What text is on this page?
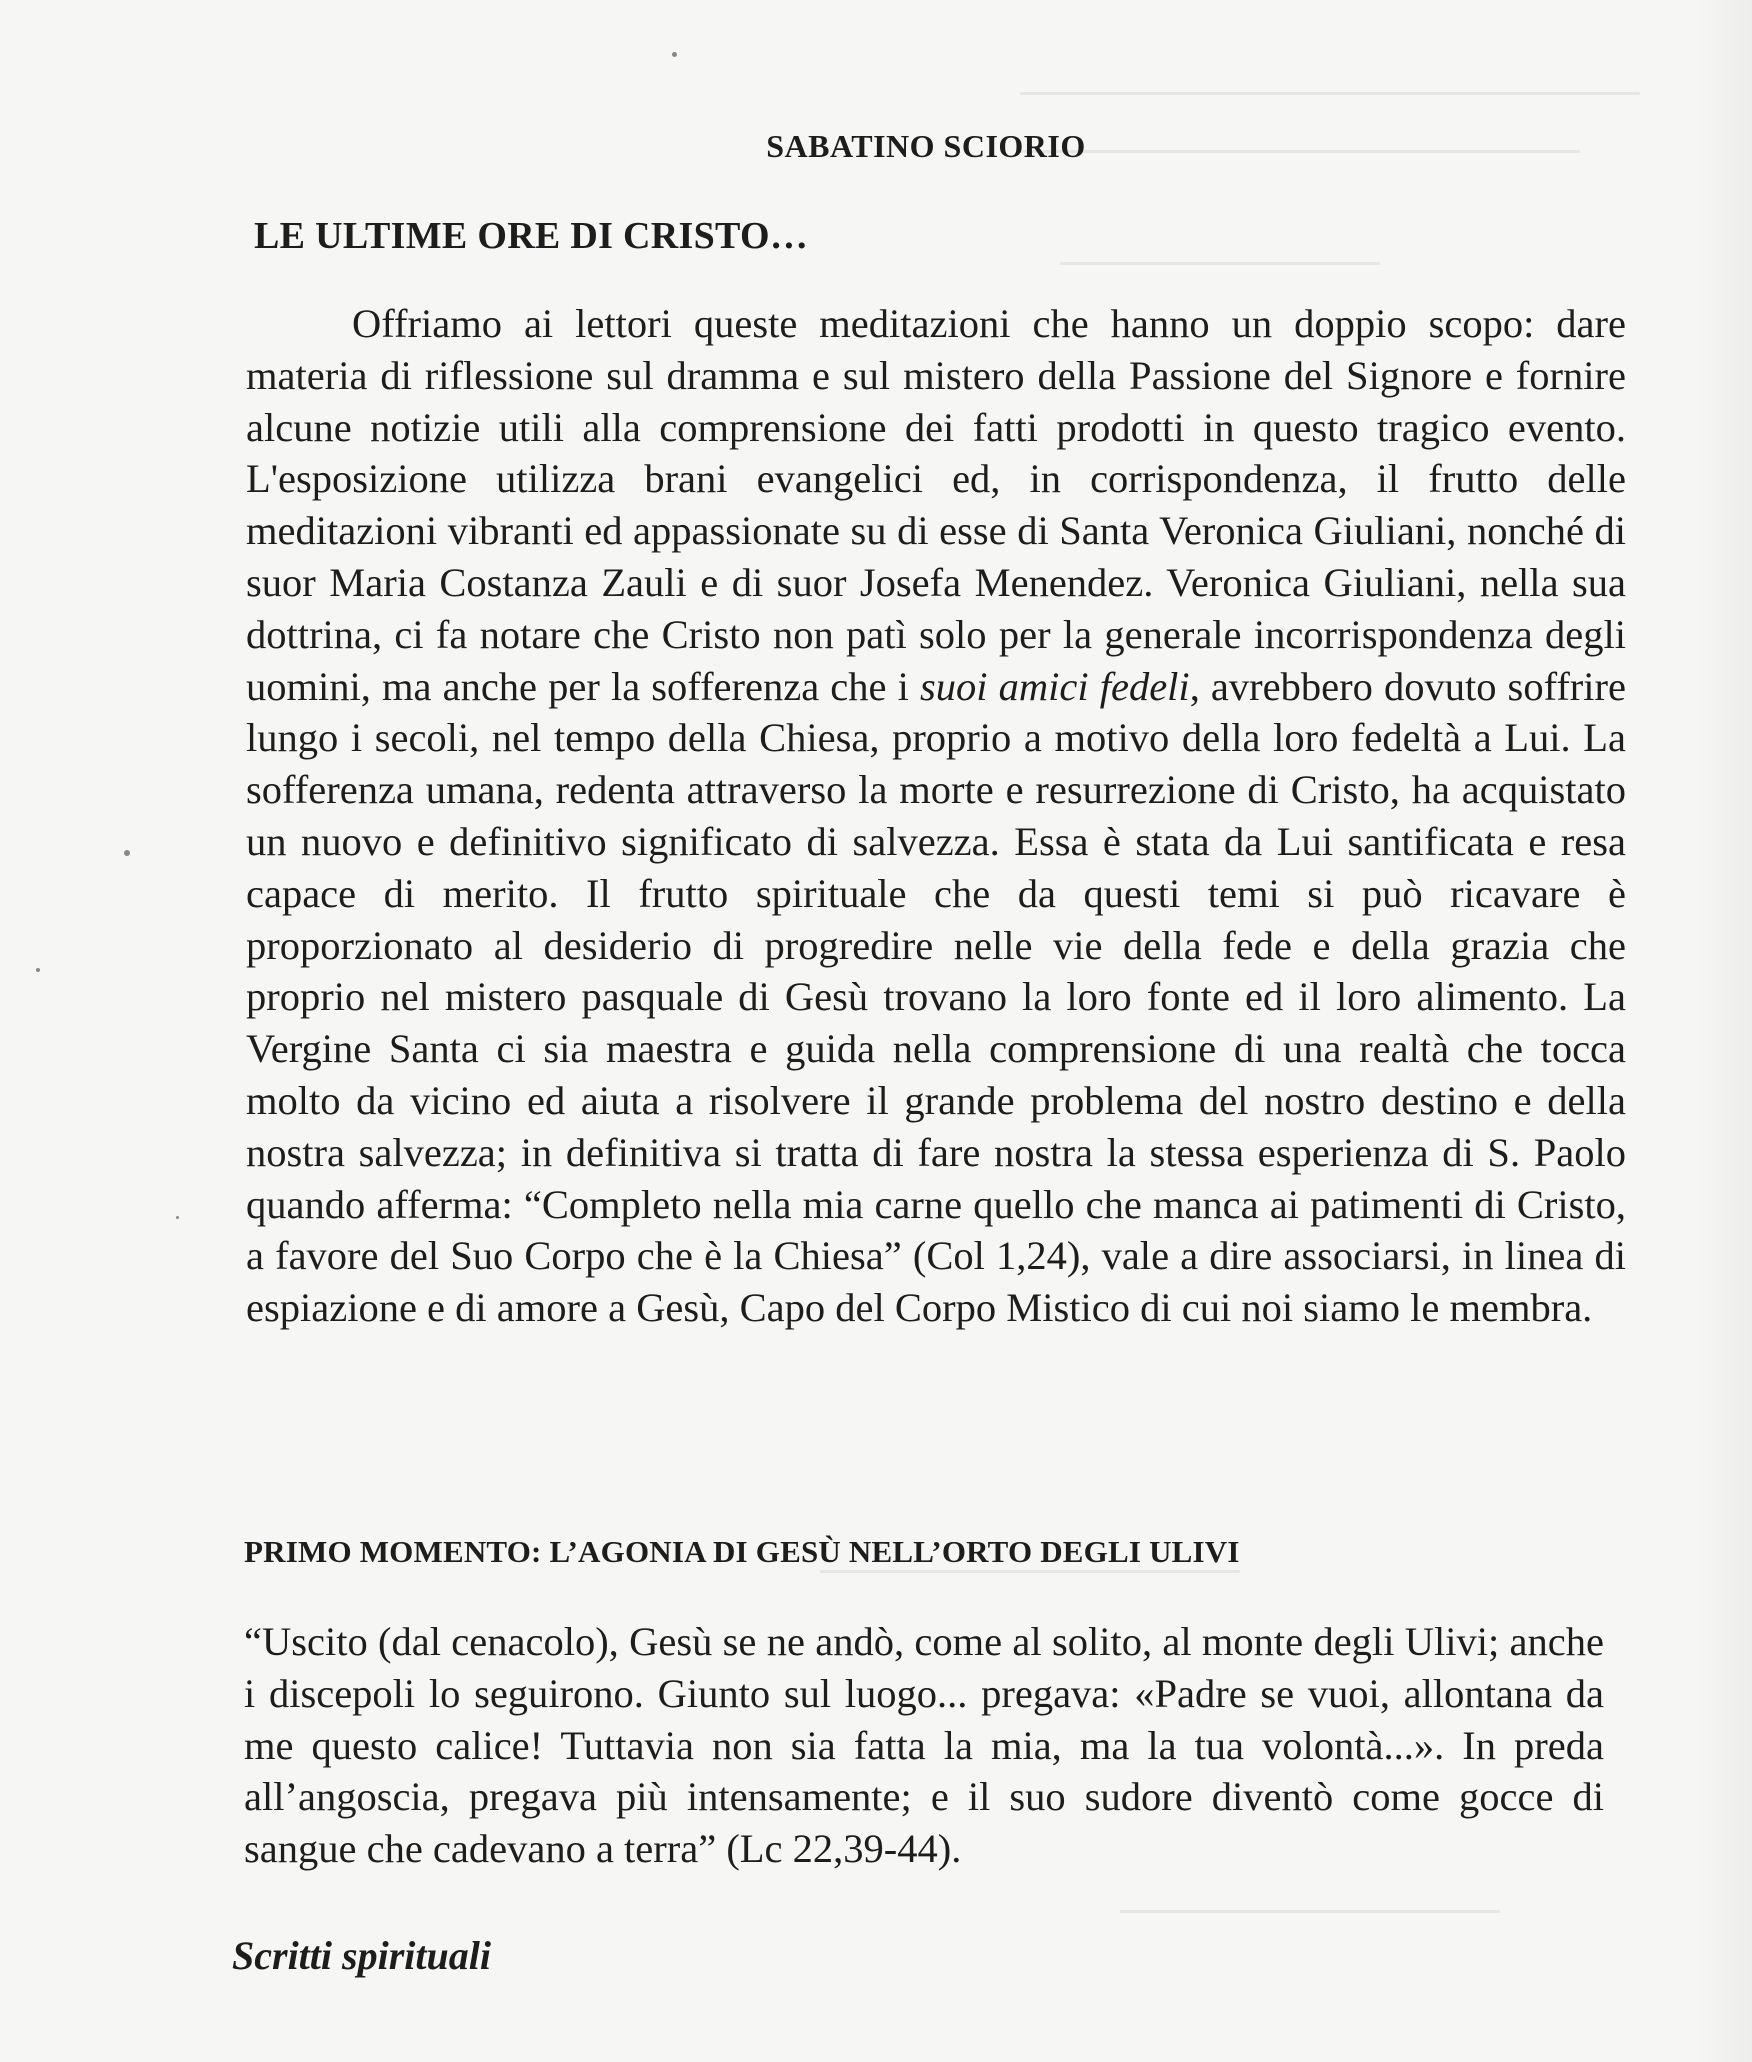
SABATINO SCIORIO
LE ULTIME ORE DI CRISTO…

Offriamo ai lettori queste meditazioni che hanno un doppio scopo: dare materia di riflessione sul dramma e sul mistero della Passione del Signore e fornire alcune notizie utili alla comprensione dei fatti prodotti in questo tragico evento. L'esposizione utilizza brani evangelici ed, in corrispondenza, il frutto delle meditazioni vibranti ed appassionate su di esse di Santa Veronica Giuliani, nonché di suor Maria Costanza Zauli e di suor Josefa Menendez. Veronica Giuliani, nella sua dottrina, ci fa notare che Cristo non patì solo per la generale incorrispondenza degli uomini, ma anche per la sofferenza che i suoi amici fedeli, avrebbero dovuto soffrire lungo i secoli, nel tempo della Chiesa, proprio a motivo della loro fedeltà a Lui. La sofferenza umana, redenta attraverso la morte e resurrezione di Cristo, ha acquistato un nuovo e definitivo significato di salvezza. Essa è stata da Lui santificata e resa capace di merito. Il frutto spirituale che da questi temi si può ricavare è proporzionato al desiderio di progredire nelle vie della fede e della grazia che proprio nel mistero pasquale di Gesù trovano la loro fonte ed il loro alimento. La Vergine Santa ci sia maestra e guida nella comprensione di una realtà che tocca molto da vicino ed aiuta a risolvere il grande problema del nostro destino e della nostra salvezza; in definitiva si tratta di fare nostra la stessa esperienza di S. Paolo quando afferma: “Completo nella mia carne quello che manca ai patimenti di Cristo, a favore del Suo Corpo che è la Chiesa” (Col 1,24), vale a dire associarsi, in linea di espiazione e di amore a Gesù, Capo del Corpo Mistico di cui noi siamo le membra.

PRIMO MOMENTO: L’AGONIA DI GESÙ NELL’ORTO DEGLI ULIVI

“Uscito (dal cenacolo), Gesù se ne andò, come al solito, al monte degli Ulivi; anche i discepoli lo seguirono. Giunto sul luogo... pregava: «Padre se vuoi, allontana da me questo calice! Tuttavia non sia fatta la mia, ma la tua volontà...». In preda all’angoscia, pregava più intensamente; e il suo sudore diventò come gocce di sangue che cadevano a terra” (Lc 22,39-44).

Scritti spirituali
